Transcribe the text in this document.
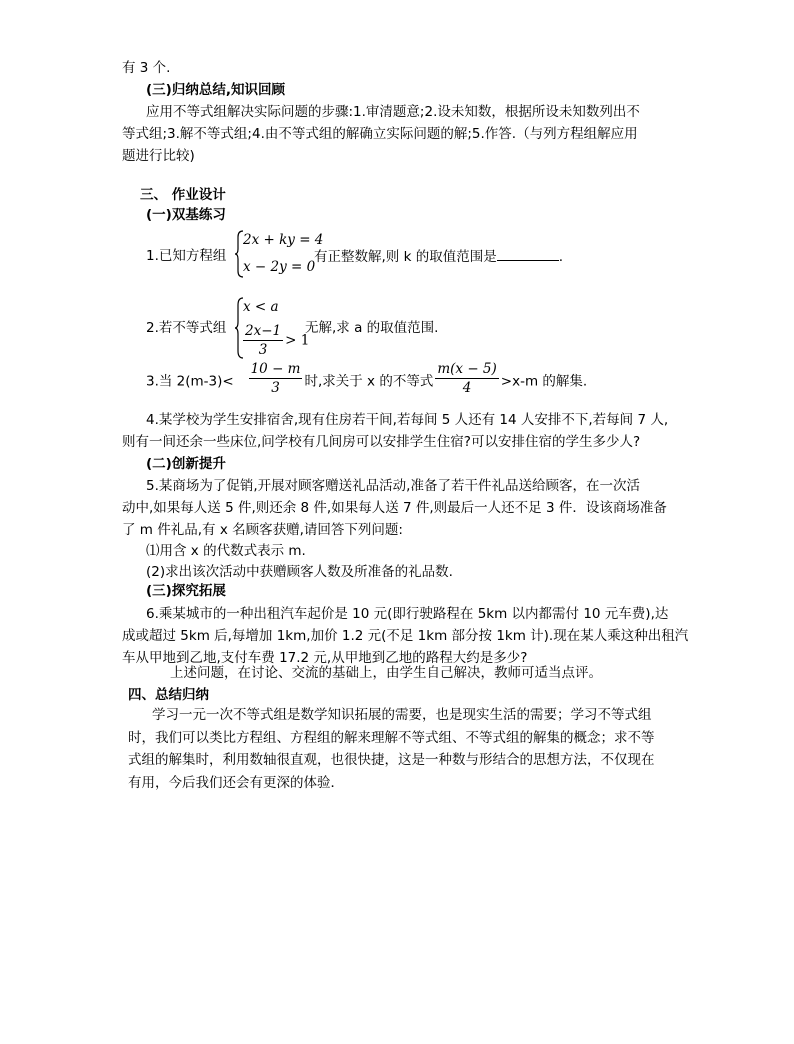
有 3 个.
(三)归纳总结,知识回顾
应用不等式组解决实际问题的步骤:1.审清题意;2.设未知数，根据所设未知数列出不
等式组;3.解不等式组;4.由不等式组的解确立实际问题的解;5.作答.（与列方程组解应用
题进行比较)
三、 作业设计
(一)双基练习
1.已知方程组
2x + ky = 4
x − 2y = 0
有正整数解,则 k 的取值范围是	.
2.若不等式组
x < a
$\frac{2x-1}{3} > 1$
无解,求 a 的取值范围.
3.当 $2(m-3)< \frac{10 - m}{3}$ 时,求关于 x 的不等式 $\frac{m(x - 5)}{4} >x-m$ 的解集.
4.某学校为学生安排宿舍,现有住房若干间,若每间 5 人还有 14 人安排不下,若每间 7 人,
则有一间还余一些床位,问学校有几间房可以安排学生住宿?可以安排住宿的学生多少人?
(二)创新提升
5.某商场为了促销,开展对顾客赠送礼品活动,准备了若干件礼品送给顾客，在一次活
动中,如果每人送 5 件,则还余 8 件,如果每人送 7 件,则最后一人还不足 3 件．设该商场准备
了 m 件礼品,有 x 名顾客获赠,请回答下列问题:
⑴用含 x 的代数式表示 m.
(2)求出该次活动中获赠顾客人数及所准备的礼品数.
(三)探究拓展
6.乘某城市的一种出租汽车起价是 10 元(即行驶路程在 5km 以内都需付 10 元车费),达
成或超过 5km 后,每增加 1km,加价 1.2 元(不足 1km 部分按 1km 计).现在某人乘这种出租汽
车从甲地到乙地,支付车费 17.2 元,从甲地到乙地的路程大约是多少?
上述问题，在讨论、交流的基础上，由学生自己解决，教师可适当点评。
四、总结归纳
学习一元一次不等式组是数学知识拓展的需要，也是现实生活的需要；学习不等式组
时，我们可以类比方程组、方程组的解来理解不等式组、不等式组的解集的概念；求不等
式组的解集时，利用数轴很直观，也很快捷，这是一种数与形结合的思想方法，不仅现在
有用，今后我们还会有更深的体验．
